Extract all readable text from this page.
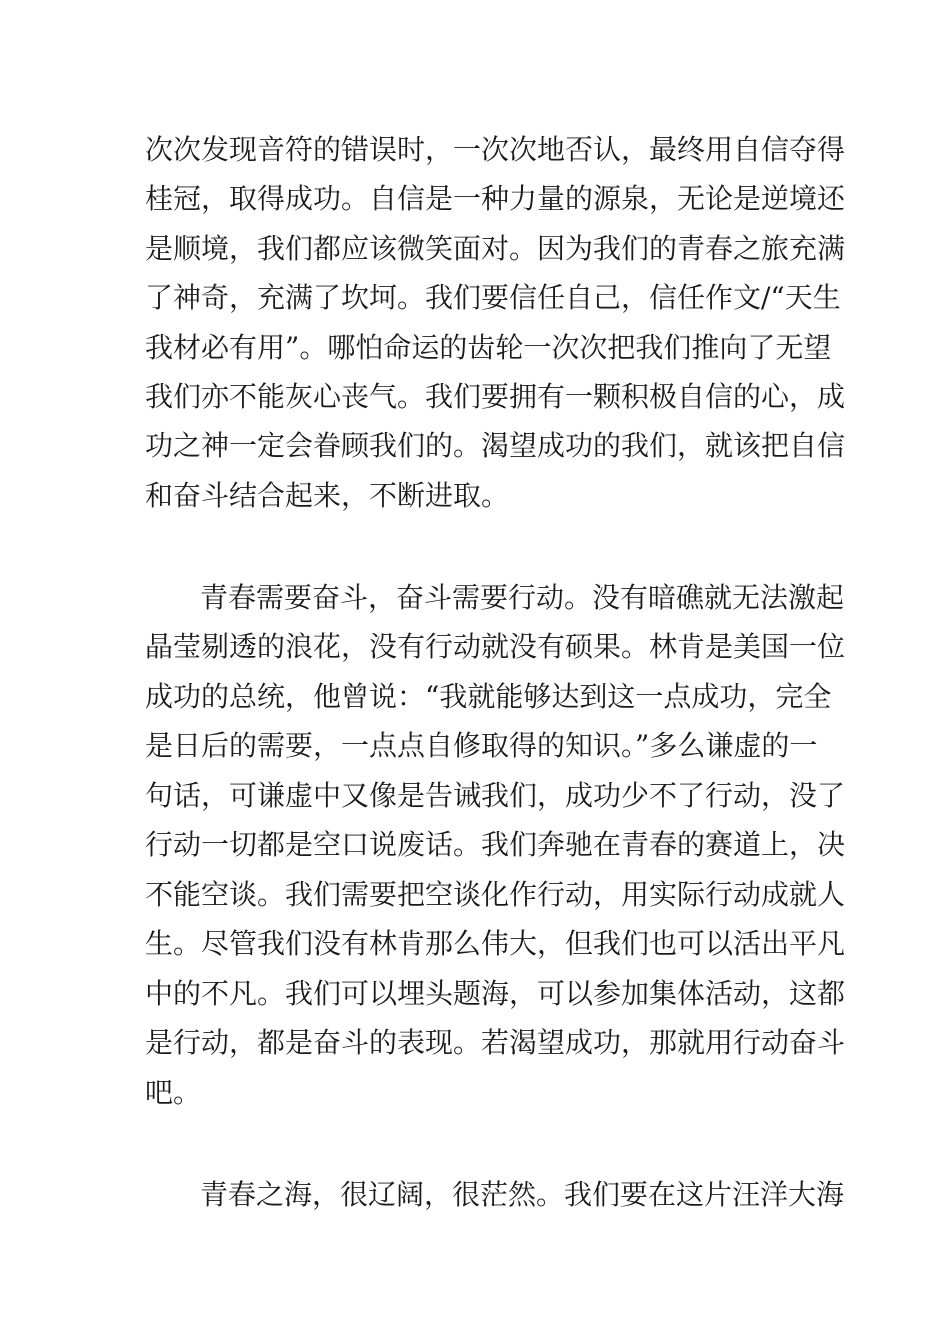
次次发现音符的错误时，一次次地否认，最终用自信夺得
桂冠，取得成功。自信是一种力量的源泉，无论是逆境还
是顺境，我们都应该微笑面对。因为我们的青春之旅充满
了神奇，充满了坎坷。我们要信任自己，信任作文/“天生
我材必有用”。哪怕命运的齿轮一次次把我们推向了无望
我们亦不能灰心丧气。我们要拥有一颗积极自信的心，成
功之神一定会眷顾我们的。渴望成功的我们，就该把自信
和奋斗结合起来，不断进取。
青春需要奋斗，奋斗需要行动。没有暗礁就无法激起
晶莹剔透的浪花，没有行动就没有硕果。林肯是美国一位
成功的总统，他曾说：“我就能够达到这一点成功，完全
是日后的需要，一点点自修取得的知识。”多么谦虚的一
句话，可谦虚中又像是告诫我们，成功少不了行动，没了
行动一切都是空口说废话。我们奔驰在青春的赛道上，决
不能空谈。我们需要把空谈化作行动，用实际行动成就人
生。尽管我们没有林肯那么伟大，但我们也可以活出平凡
中的不凡。我们可以埋头题海，可以参加集体活动，这都
是行动，都是奋斗的表现。若渴望成功，那就用行动奋斗
吧。
青春之海，很辽阔，很茫然。我们要在这片汪洋大海
